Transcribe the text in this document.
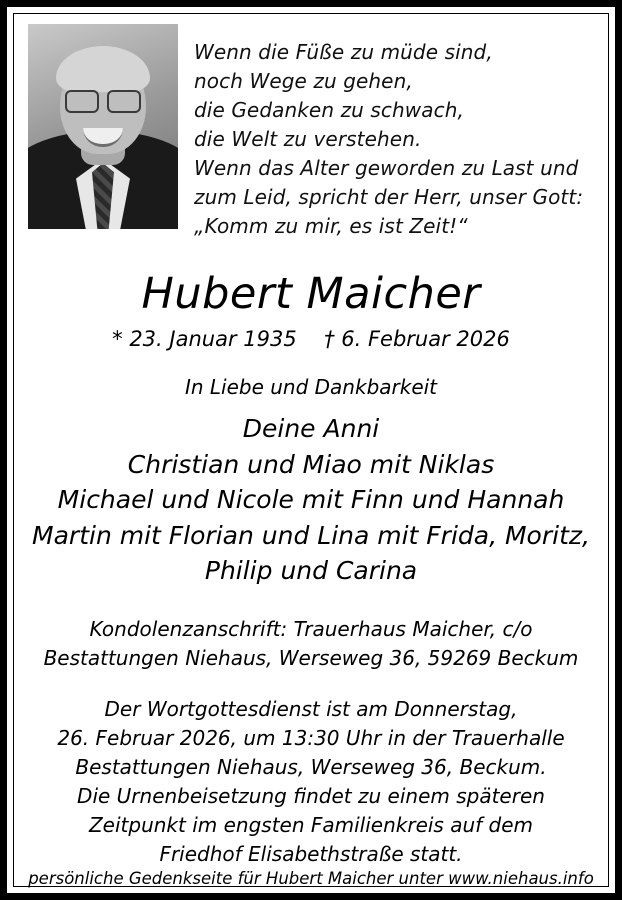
Wenn die Füße zu müde sind,
noch Wege zu gehen,
die Gedanken zu schwach,
die Welt zu verstehen.
Wenn das Alter geworden zu Last und
zum Leid, spricht der Herr, unser Gott:
„Komm zu mir, es ist Zeit!“
Hubert Maicher
* 23. Januar 1935 † 6. Februar 2026
In Liebe und Dankbarkeit
Deine Anni
Christian und Miao mit Niklas
Michael und Nicole mit Finn und Hannah
Martin mit Florian und Lina mit Frida, Moritz,
Philip und Carina
Kondolenzanschrift: Trauerhaus Maicher, c/o
Bestattungen Niehaus, Werseweg 36, 59269 Beckum
Der Wortgottesdienst ist am Donnerstag,
26. Februar 2026, um 13:30 Uhr in der Trauerhalle
Bestattungen Niehaus, Werseweg 36, Beckum.
Die Urnenbeisetzung findet zu einem späteren
Zeitpunkt im engsten Familienkreis auf dem
Friedhof Elisabethstraße statt.
persönliche Gedenkseite für Hubert Maicher unter www.niehaus.info
